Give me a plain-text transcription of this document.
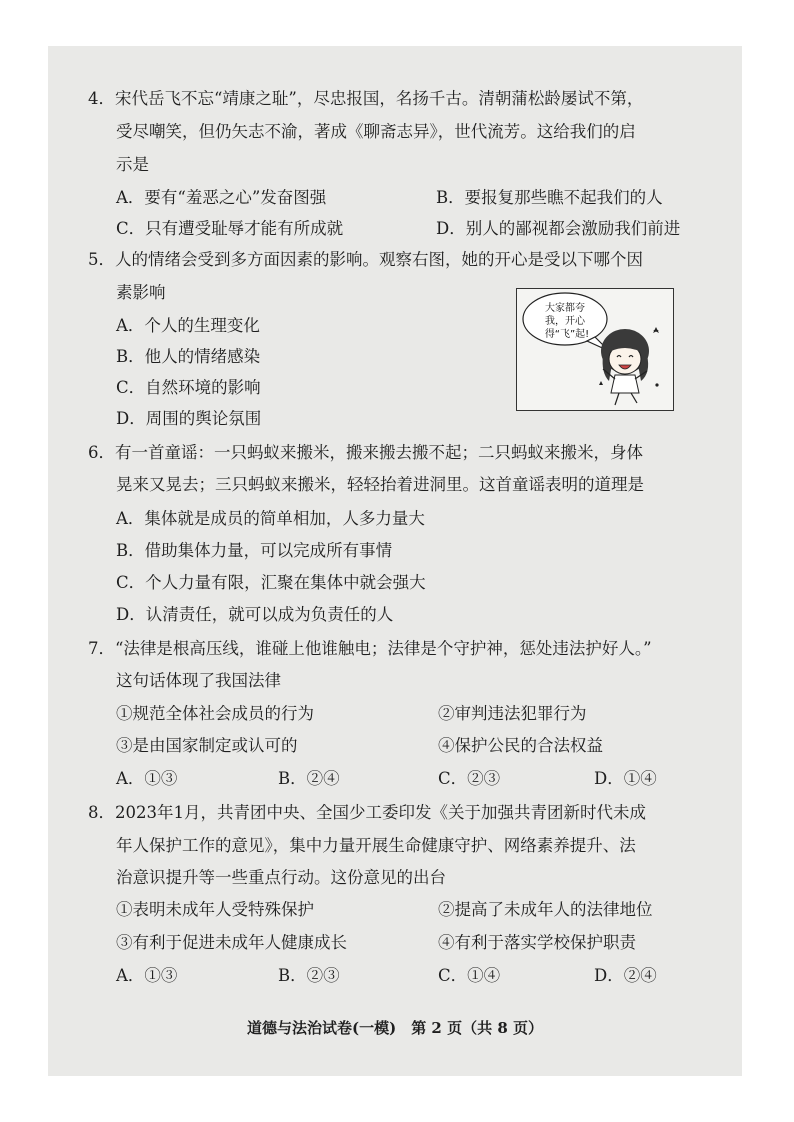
4．宋代岳飞不忘“靖康之耻”，尽忠报国，名扬千古。清朝蒲松龄屡试不第，
受尽嘲笑，但仍矢志不渝，著成《聊斋志异》，世代流芳。这给我们的启
示是
A．要有“羞恶之心”发奋图强	B．要报复那些瞧不起我们的人
C．只有遭受耻辱才能有所成就	D．别人的鄙视都会激励我们前进
5．人的情绪会受到多方面因素的影响。观察右图，她的开心是受以下哪个因
素影响
A．个人的生理变化
B．他人的情绪感染
C．自然环境的影响
D．周围的舆论氛围
大家都夸
我，开心
得“飞”起!
6．有一首童谣：一只蚂蚁来搬米，搬来搬去搬不起；二只蚂蚁来搬米，身体
晃来又晃去；三只蚂蚁来搬米，轻轻抬着进洞里。这首童谣表明的道理是
A．集体就是成员的简单相加，人多力量大
B．借助集体力量，可以完成所有事情
C．个人力量有限，汇聚在集体中就会强大
D．认清责任，就可以成为负责任的人
7．“法律是根高压线，谁碰上他谁触电；法律是个守护神，惩处违法护好人。”
这句话体现了我国法律
①规范全体社会成员的行为	②审判违法犯罪行为
③是由国家制定或认可的	④保护公民的合法权益
A．①③	B．②④	C．②③	D．①④
8．2023年1月，共青团中央、全国少工委印发《关于加强共青团新时代未成
年人保护工作的意见》，集中力量开展生命健康守护、网络素养提升、法
治意识提升等一些重点行动。这份意见的出台
①表明未成年人受特殊保护	②提高了未成年人的法律地位
③有利于促进未成年人健康成长	④有利于落实学校保护职责
A．①③	B．②③	C．①④	D．②④
道德与法治试卷(一模)　第 2 页（共 8 页）
